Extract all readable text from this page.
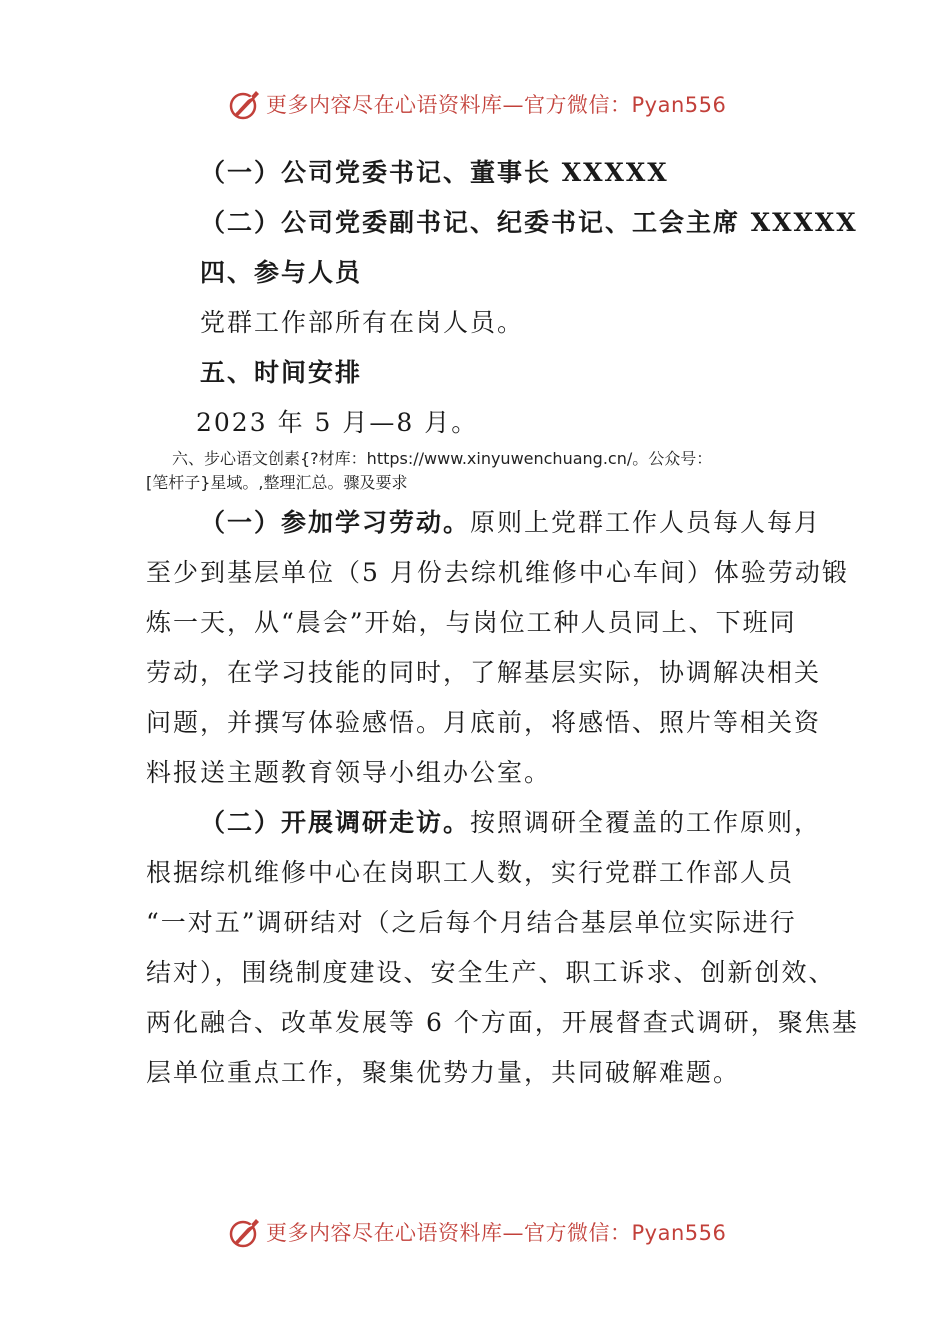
更多内容尽在心语资料库—官方微信：Pyan556
（一）公司党委书记、董事长 XXXXX
（二）公司党委副书记、纪委书记、工会主席 XXXXX
四、参与人员
党群工作部所有在岗人员。
五、时间安排
2023 年 5 月—8 月。
六、步心语文创素{?材库：https://www.xinyuwenchuang.cn/。公众号：
[笔杆子}星域。,整理汇总。骤及要求
（一）参加学习劳动。原则上党群工作人员每人每月
至少到基层单位（5 月份去综机维修中心车间）体验劳动锻
炼一天，从“晨会”开始，与岗位工种人员同上、下班同
劳动，在学习技能的同时，了解基层实际，协调解决相关
问题，并撰写体验感悟。月底前，将感悟、照片等相关资
料报送主题教育领导小组办公室。
（二）开展调研走访。按照调研全覆盖的工作原则，
根据综机维修中心在岗职工人数，实行党群工作部人员
“一对五”调研结对（之后每个月结合基层单位实际进行
结对），围绕制度建设、安全生产、职工诉求、创新创效、
两化融合、改革发展等 6 个方面，开展督查式调研，聚焦基
层单位重点工作，聚集优势力量，共同破解难题。
更多内容尽在心语资料库—官方微信：Pyan556
